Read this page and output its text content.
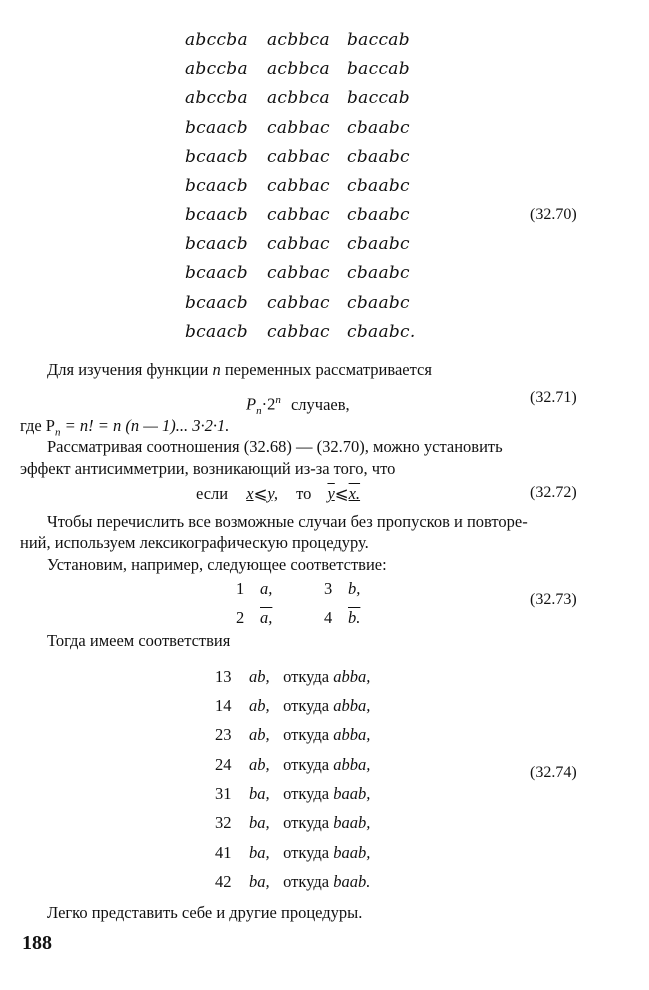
abccba acbbca baccab
abccba acbbca baccab
abccba acbbca baccab
bcaacb cabbac cbaabc
bcaacb cabbac cbaabc
bcaacb cabbac cbaabc
bcaacb cabbac cbaabc
bcaacb cabbac cbaabc
bcaacb cabbac cbaabc
bcaacb cabbac cbaabc
bcaacb cabbac cbaabc.
(32.70)
Для изучения функции n переменных рассматривается
$P_n\cdot 2^n$ случаев,	(32.71)
где $P_n = n$! = n (n — 1)... 3·2·1.
Рассматривая соотношения (32.68) — (32.70), можно установить
эффект антисимметрии, возникающий из-за того, что
если x⩽y, то y⩽x.	(32.72)
Чтобы перечислить все возможные случаи без пропусков и повторе-
ний, используем лексикографическую процедуру.
Установим, например, следующее соответствие:
1 a,	3 b,
2 a,	4 b.
(32.73)
Тогда имеем соответствия
13 ab, откуда abba,
14 ab, откуда abba,
23 ab, откуда abba,
24 ab, откуда abba,
31 ba, откуда baab,
32 ba, откуда baab,
41 ba, откуда baab,
42 ba, откуда baab.
(32.74)
Легко представить себе и другие процедуры.
188
